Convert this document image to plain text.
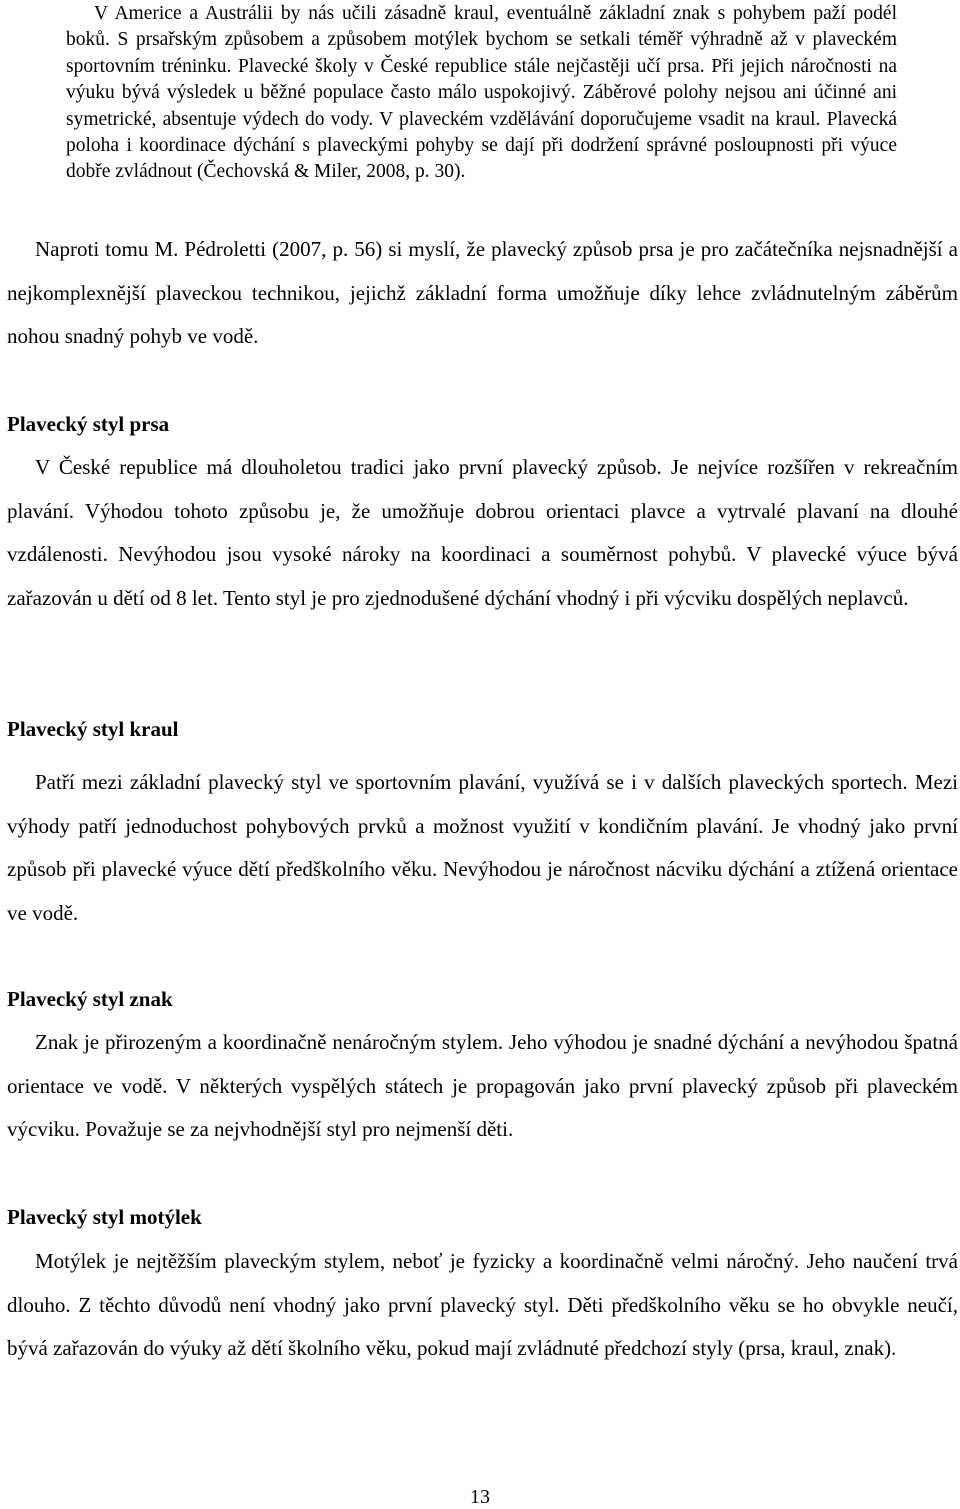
V Americe a Austrálii by nás učili zásadně kraul, eventuálně základní znak s pohybem paží podél boků. S prsařským způsobem a způsobem motýlek bychom se setkali téměř výhradně až v plaveckém sportovním tréninku. Plavecké školy v České republice stále nejčastěji učí prsa. Při jejich náročnosti na výuku bývá výsledek u běžné populace často málo uspokojivý. Záběrové polohy nejsou ani účinné ani symetrické, absentuje výdech do vody. V plaveckém vzdělávání doporučujeme vsadit na kraul. Plavecká poloha i koordinace dýchání s plaveckými pohyby se dají při dodržení správné posloupnosti při výuce dobře zvládnout (Čechovská & Miler, 2008, p. 30).

Naproti tomu M. Pédroletti (2007, p. 56) si myslí, že plavecký způsob prsa je pro začátečníka nejsnadnější a nejkomplexnější plaveckou technikou, jejichž základní forma umožňuje díky lehce zvládnutelným záběrům nohou snadný pohyb ve vodě.

Plavecký styl prsa

V České republice má dlouholetou tradici jako první plavecký způsob. Je nejvíce rozšířen v rekreačním plavání. Výhodou tohoto způsobu je, že umožňuje dobrou orientaci plavce a vytrvalé plavaní na dlouhé vzdálenosti. Nevýhodou jsou vysoké nároky na koordinaci a souměrnost pohybů. V plavecké výuce bývá zařazován u dětí od 8 let. Tento styl je pro zjednodušené dýchání vhodný i při výcviku dospělých neplavců.

Plavecký styl kraul

Patří mezi základní plavecký styl ve sportovním plavání, využívá se i v dalších plaveckých sportech. Mezi výhody patří jednoduchost pohybových prvků a možnost využití v kondičním plavání. Je vhodný jako první způsob při plavecké výuce dětí předškolního věku. Nevýhodou je náročnost nácviku dýchání a ztížená orientace ve vodě.

Plavecký styl znak

Znak je přirozeným a koordinačně nenáročným stylem. Jeho výhodou je snadné dýchání a nevýhodou špatná orientace ve vodě. V některých vyspělých státech je propagován jako první plavecký způsob při plaveckém výcviku. Považuje se za nejvhodnější styl pro nejmenší děti.

Plavecký styl motýlek

Motýlek je nejtěžším plaveckým stylem, neboť je fyzicky a koordinačně velmi náročný. Jeho naučení trvá dlouho. Z těchto důvodů není vhodný jako první plavecký styl. Děti předškolního věku se ho obvykle neučí, bývá zařazován do výuky až dětí školního věku, pokud mají zvládnuté předchozí styly (prsa, kraul, znak).

13
